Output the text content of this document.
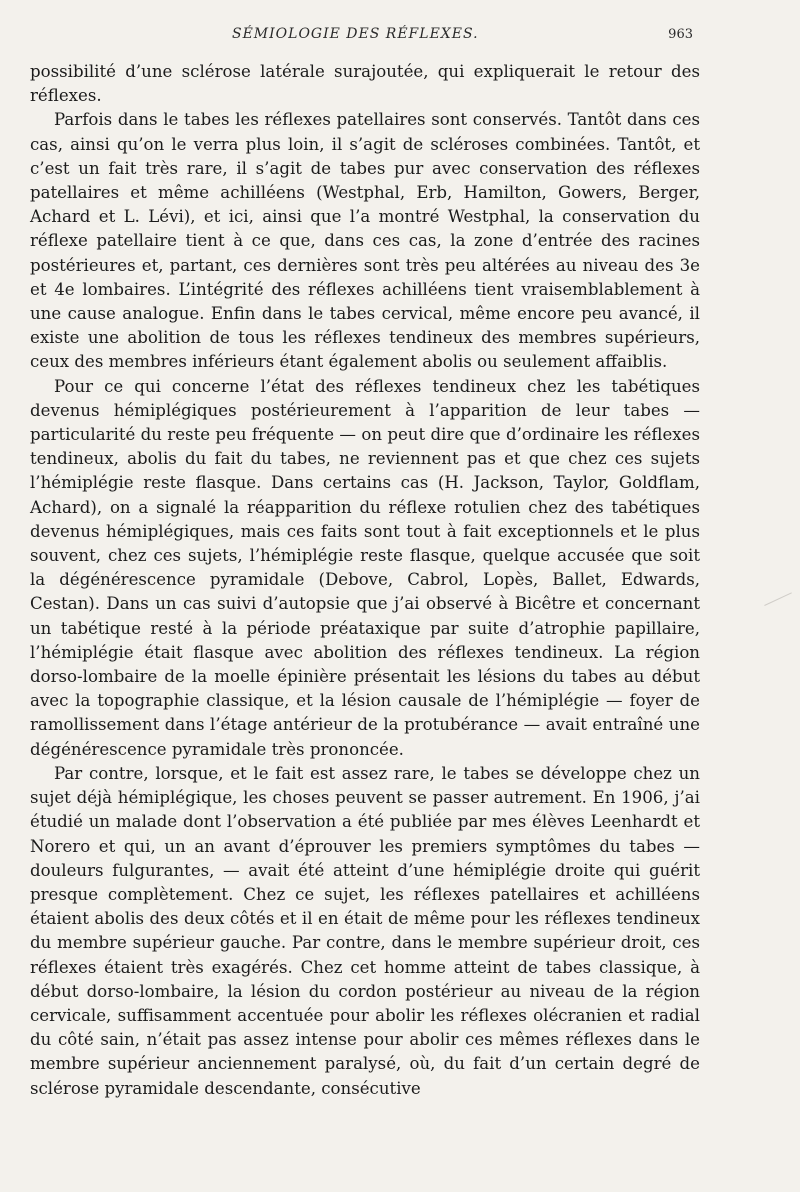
SÉMIOLOGIE DES RÉFLEXES.	963

possibilité d’une sclérose latérale surajoutée, qui expliquerait le retour des réflexes.

Parfois dans le tabes les réflexes patellaires sont conservés. Tantôt dans ces cas, ainsi qu’on le verra plus loin, il s’agit de scléroses combinées. Tantôt, et c’est un fait très rare, il s’agit de tabes pur avec conservation des réflexes patellaires et même achilléens (Westphal, Erb, Hamilton, Gowers, Berger, Achard et L. Lévi), et ici, ainsi que l’a montré Westphal, la conservation du réflexe patellaire tient à ce que, dans ces cas, la zone d’entrée des racines postérieures et, partant, ces dernières sont très peu altérées au niveau des 3e et 4e lombaires. L’intégrité des réflexes achilléens tient vraisemblablement à une cause analogue. Enfin dans le tabes cervical, même encore peu avancé, il existe une abolition de tous les réflexes tendineux des membres supérieurs, ceux des membres inférieurs étant également abolis ou seulement affaiblis.

Pour ce qui concerne l’état des réflexes tendineux chez les tabétiques devenus hémiplégiques postérieurement à l’apparition de leur tabes — particularité du reste peu fréquente — on peut dire que d’ordinaire les réflexes tendineux, abolis du fait du tabes, ne reviennent pas et que chez ces sujets l’hémiplégie reste flasque. Dans certains cas (H. Jackson, Taylor, Goldflam, Achard), on a signalé la réapparition du réflexe rotulien chez des tabétiques devenus hémiplégiques, mais ces faits sont tout à fait exceptionnels et le plus souvent, chez ces sujets, l’hémiplégie reste flasque, quelque accusée que soit la dégénérescence pyramidale (Debove, Cabrol, Lopès, Ballet, Edwards, Cestan). Dans un cas suivi d’autopsie que j’ai observé à Bicêtre et concernant un tabétique resté à la période préataxique par suite d’atrophie papillaire, l’hémiplégie était flasque avec abolition des réflexes tendineux. La région dorso-lombaire de la moelle épinière présentait les lésions du tabes au début avec la topographie classique, et la lésion causale de l’hémiplégie — foyer de ramollissement dans l’étage antérieur de la protubérance — avait entraîné une dégénérescence pyramidale très prononcée.

Par contre, lorsque, et le fait est assez rare, le tabes se développe chez un sujet déjà hémiplégique, les choses peuvent se passer autrement. En 1906, j’ai étudié un malade dont l’observation a été publiée par mes élèves Leenhardt et Norero et qui, un an avant d’éprouver les premiers symptômes du tabes — douleurs fulgurantes, — avait été atteint d’une hémiplégie droite qui guérit presque complètement. Chez ce sujet, les réflexes patellaires et achilléens étaient abolis des deux côtés et il en était de même pour les réflexes tendineux du membre supérieur gauche. Par contre, dans le membre supérieur droit, ces réflexes étaient très exagérés. Chez cet homme atteint de tabes classique, à début dorso-lombaire, la lésion du cordon postérieur au niveau de la région cervicale, suffisamment accentuée pour abolir les réflexes olécranien et radial du côté sain, n’était pas assez intense pour abolir ces mêmes réflexes dans le membre supérieur anciennement paralysé, où, du fait d’un certain degré de sclérose pyramidale descendante, consécutive
